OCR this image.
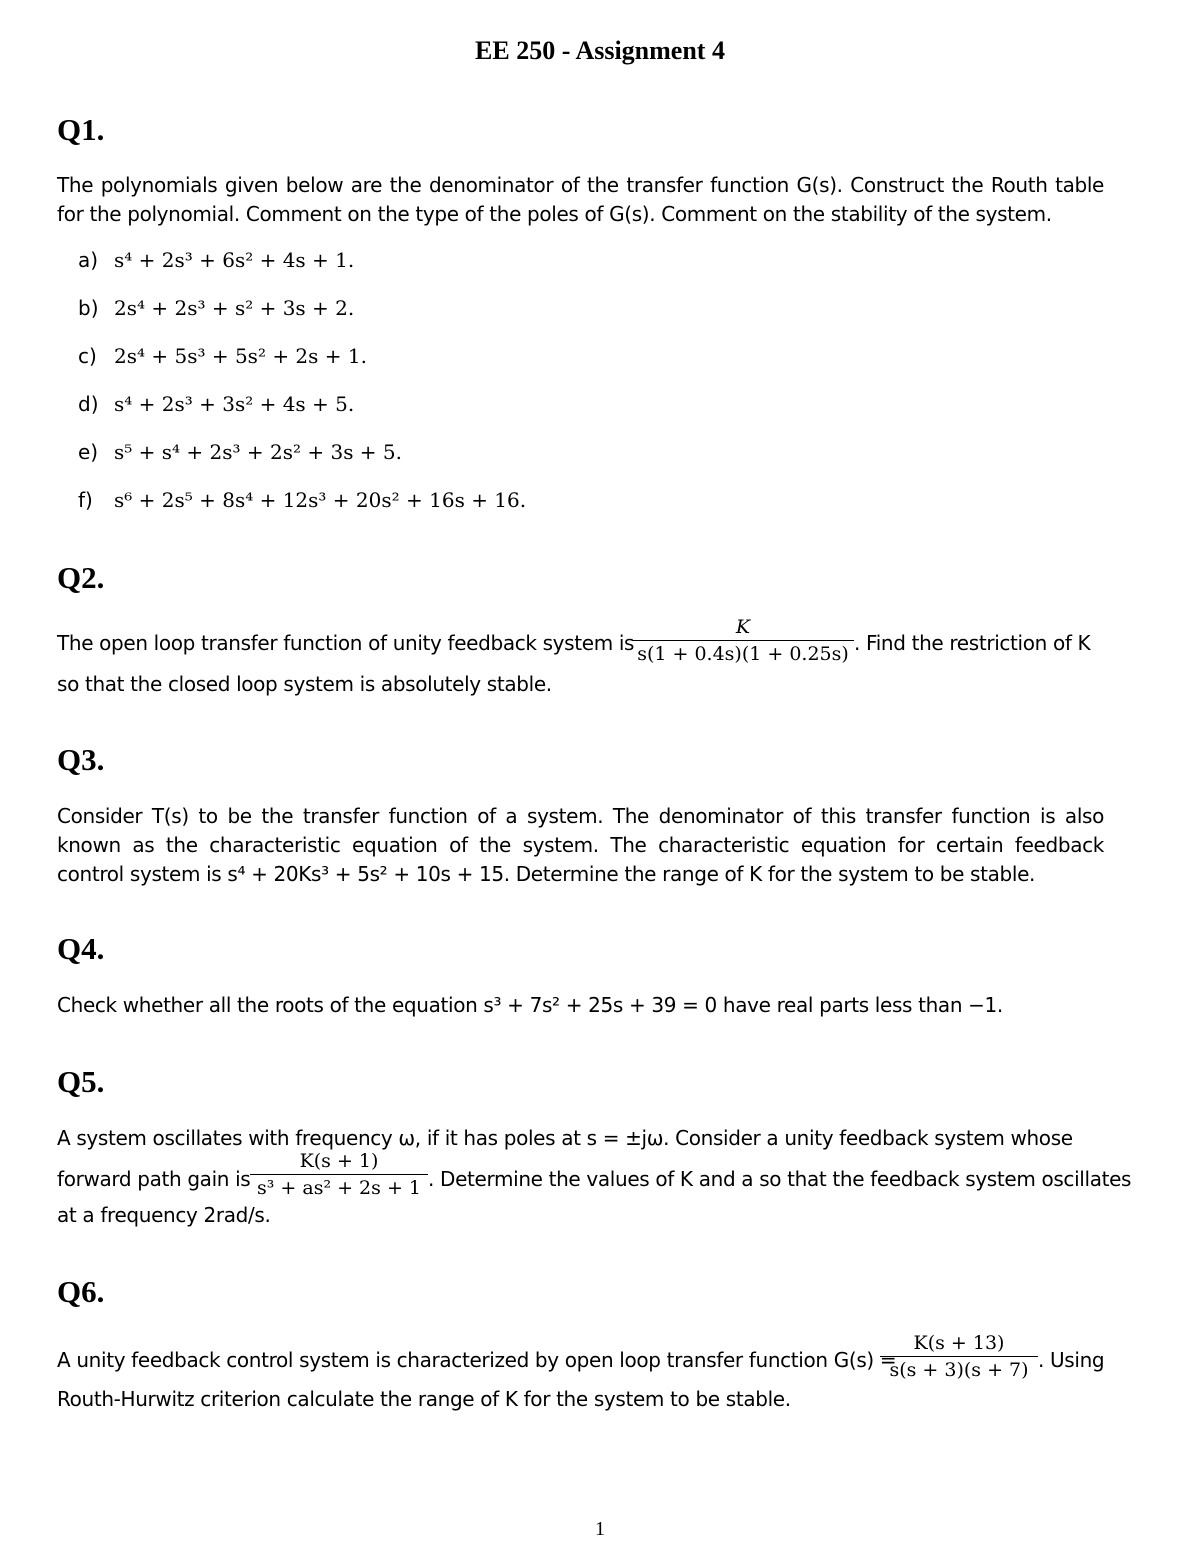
EE 250 - Assignment 4
Q1.
The polynomials given below are the denominator of the transfer function G(s). Construct the Routh table for the polynomial. Comment on the type of the poles of G(s). Comment on the stability of the system.
a) s⁴ + 2s³ + 6s² + 4s + 1.
b) 2s⁴ + 2s³ + s² + 3s + 2.
c) 2s⁴ + 5s³ + 5s² + 2s + 1.
d) s⁴ + 2s³ + 3s² + 4s + 5.
e) s⁵ + s⁴ + 2s³ + 2s² + 3s + 5.
f) s⁶ + 2s⁵ + 8s⁴ + 12s³ + 20s² + 16s + 16.
Q2.
The open loop transfer function of unity feedback system is
K
s(1 + 0.4s)(1 + 0.25s) . Find the restriction of K
so that the closed loop system is absolutely stable.
Q3.
Consider T(s) to be the transfer function of a system. The denominator of this transfer function is also known as the characteristic equation of the system. The characteristic equation for certain feedback control system is s⁴ + 20Ks³ + 5s² + 10s + 15. Determine the range of K for the system to be stable.
Q4.
Check whether all the roots of the equation s³ + 7s² + 25s + 39 = 0 have real parts less than −1.
Q5.
A system oscillates with frequency ω, if it has poles at s = ±jω. Consider a unity feedback system whose
forward path gain is
K(s + 1)
s³ + as² + 2s + 1 . Determine the values of K and a so that the feedback system oscillates
at a frequency 2rad/s.
Q6.
A unity feedback control system is characterized by open loop transfer function G(s) =
K(s + 13)
s(s + 3)(s + 7) . Using
Routh-Hurwitz criterion calculate the range of K for the system to be stable.
1
